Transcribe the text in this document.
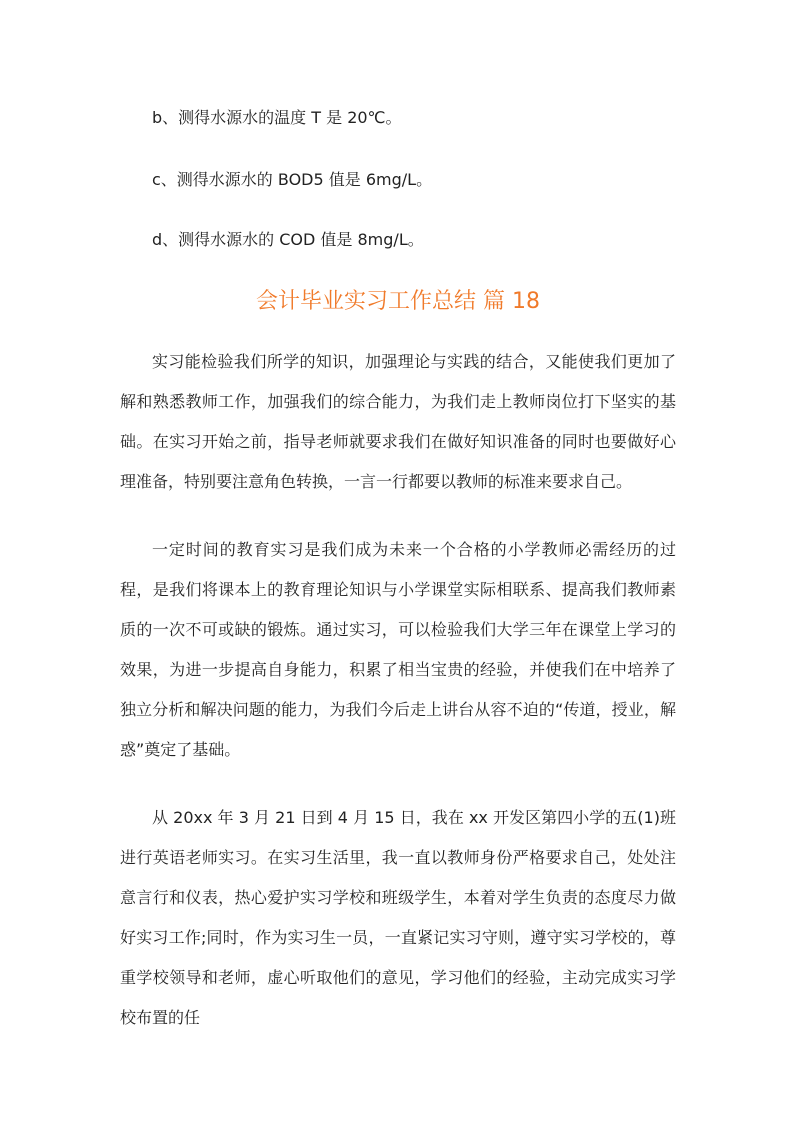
b、测得水源水的温度 T 是 20℃。

c、测得水源水的 BOD5 值是 6mg/L。

d、测得水源水的 COD 值是 8mg/L。

会计毕业实习工作总结 篇 18

实习能检验我们所学的知识，加强理论与实践的结合，又能使我们更加了解和熟悉教师工作，加强我们的综合能力，为我们走上教师岗位打下坚实的基础。在实习开始之前，指导老师就要求我们在做好知识准备的同时也要做好心理准备，特别要注意角色转换，一言一行都要以教师的标准来要求自己。

一定时间的教育实习是我们成为未来一个合格的小学教师必需经历的过程，是我们将课本上的教育理论知识与小学课堂实际相联系、提高我们教师素质的一次不可或缺的锻炼。通过实习，可以检验我们大学三年在课堂上学习的效果，为进一步提高自身能力，积累了相当宝贵的经验，并使我们在中培养了独立分析和解决问题的能力，为我们今后走上讲台从容不迫的“传道，授业，解惑”奠定了基础。

从 20xx 年 3 月 21 日到 4 月 15 日，我在 xx 开发区第四小学的五(1)班进行英语老师实习。在实习生活里，我一直以教师身份严格要求自己，处处注意言行和仪表，热心爱护实习学校和班级学生，本着对学生负责的态度尽力做好实习工作;同时，作为实习生一员，一直紧记实习守则，遵守实习学校的，尊重学校领导和老师，虚心听取他们的意见，学习他们的经验，主动完成实习学校布置的任
